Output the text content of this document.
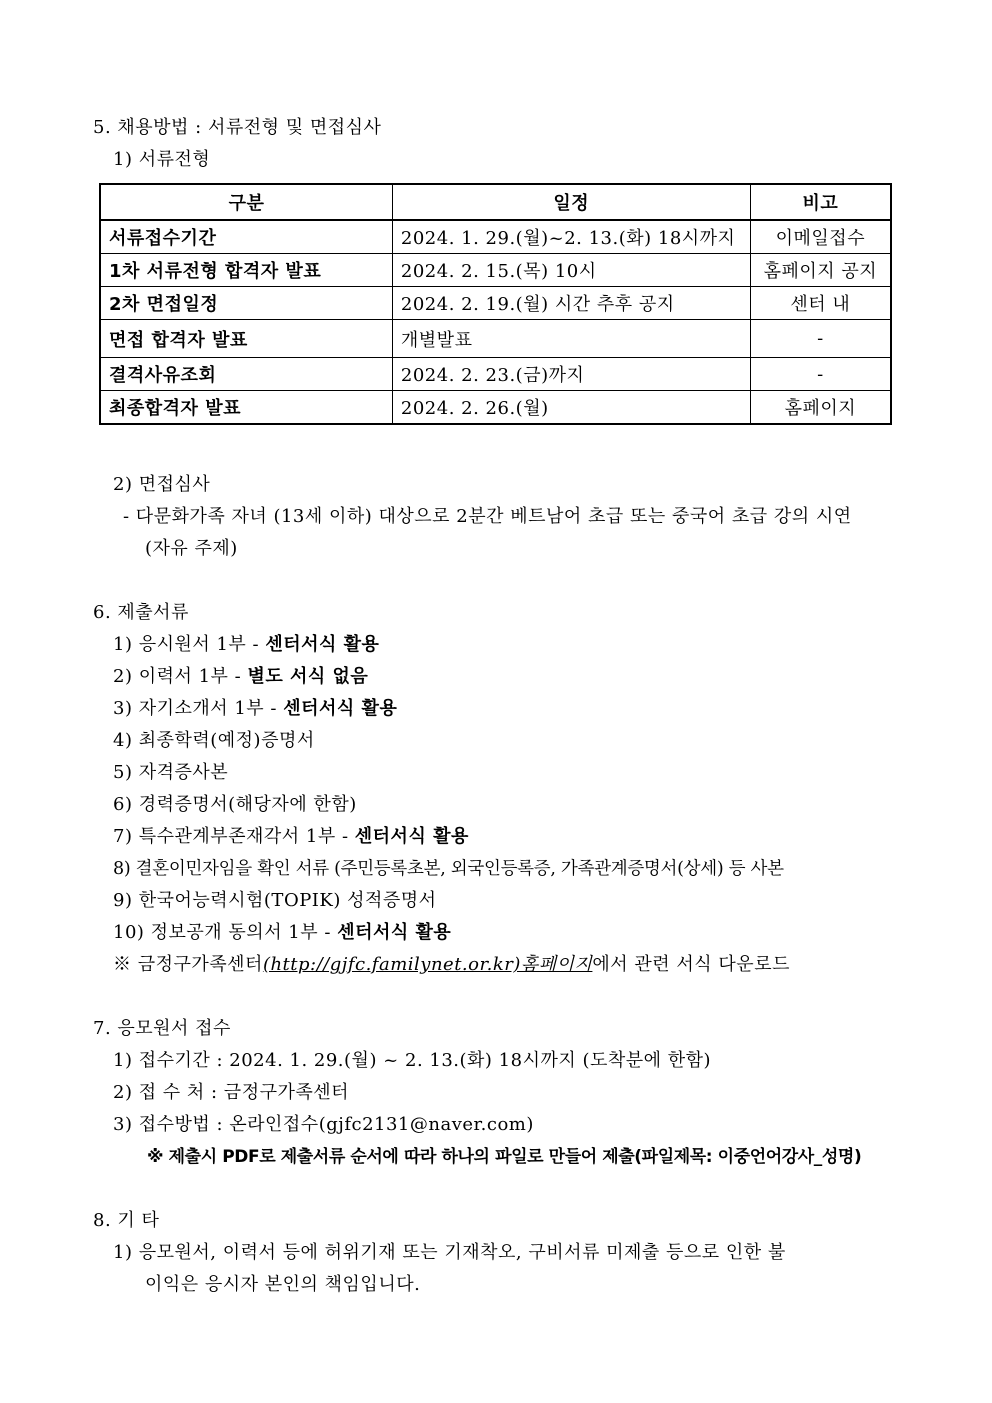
5. 채용방법 : 서류전형 및 면접심사
1) 서류전형
구분	일정	비고
서류접수기간	2024. 1. 29.(월)~2. 13.(화) 18시까지	이메일접수
1차 서류전형 합격자 발표	2024. 2. 15.(목) 10시	홈페이지 공지
2차 면접일정	2024. 2. 19.(월) 시간 추후 공지	센터 내
면접 합격자 발표	개별발표	-
결격사유조회	2024. 2. 23.(금)까지	-
최종합격자 발표	2024. 2. 26.(월)	홈페이지
2) 면접심사
- 다문화가족 자녀 (13세 이하) 대상으로 2분간 베트남어 초급 또는 중국어 초급 강의 시연
(자유 주제)
6. 제출서류
1) 응시원서 1부 - 센터서식 활용
2) 이력서 1부 - 별도 서식 없음
3) 자기소개서 1부 - 센터서식 활용
4) 최종학력(예정)증명서
5) 자격증사본
6) 경력증명서(해당자에 한함)
7) 특수관계부존재각서 1부 - 센터서식 활용
8) 결혼이민자임을 확인 서류 (주민등록초본, 외국인등록증, 가족관계증명서(상세) 등 사본
9) 한국어능력시험(TOPIK) 성적증명서
10) 정보공개 동의서 1부 - 센터서식 활용
※ 금정구가족센터(http://gjfc.familynet.or.kr)홈페이지에서 관련 서식 다운로드
7. 응모원서 접수
1) 접수기간 : 2024. 1. 29.(월) ~ 2. 13.(화) 18시까지 (도착분에 한함)
2) 접 수 처 : 금정구가족센터
3) 접수방법 : 온라인접수(gjfc2131@naver.com)
※ 제출시 PDF로 제출서류 순서에 따라 하나의 파일로 만들어 제출(파일제목: 이중언어강사_성명)
8. 기 타
1) 응모원서, 이력서 등에 허위기재 또는 기재착오, 구비서류 미제출 등으로 인한 불
이익은 응시자 본인의 책임입니다.
